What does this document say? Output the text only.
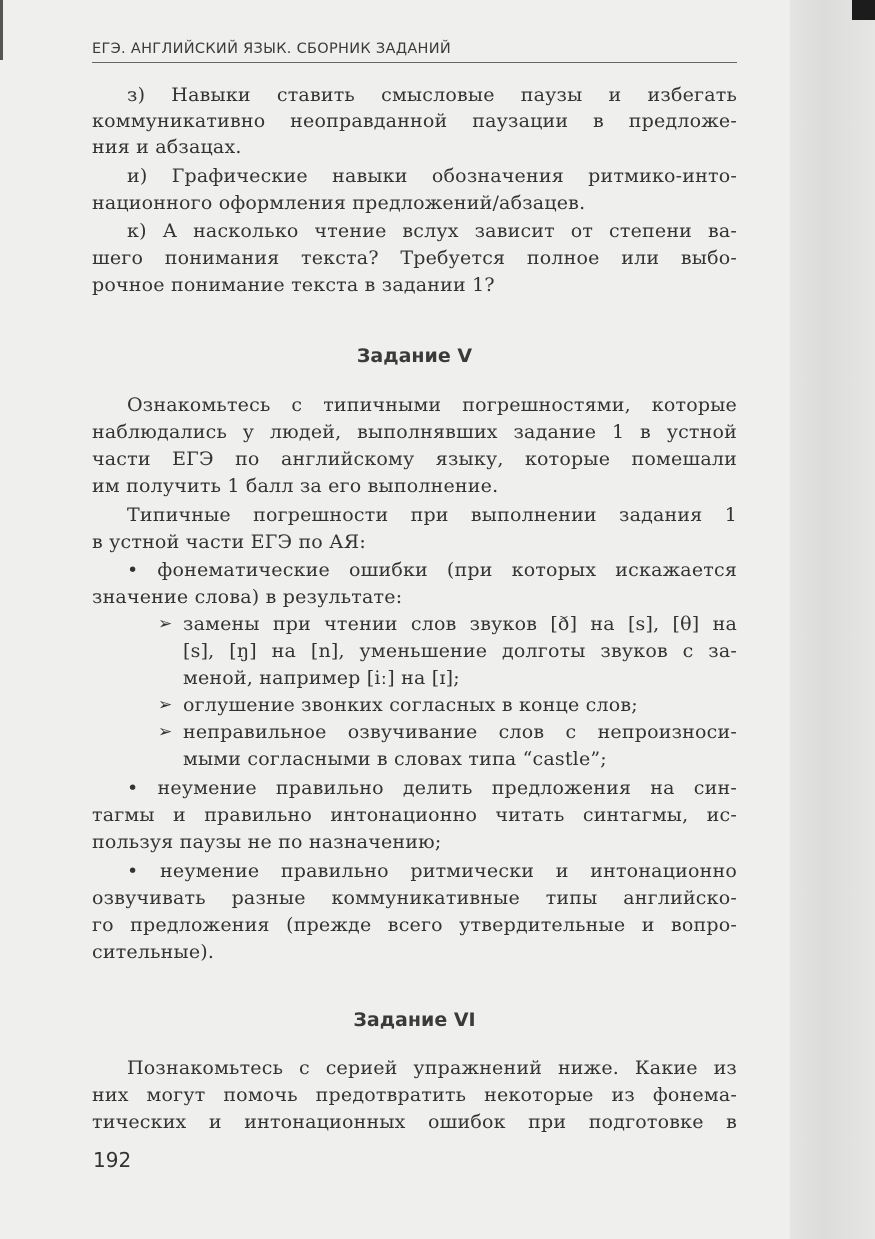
ЕГЭ. АНГЛИЙСКИЙ ЯЗЫК. СБОРНИК ЗАДАНИЙ
з) Навыки ставить смысловые паузы и избегать
коммуникативно неоправданной паузации в предложе-
ния и абзацах.
и) Графические навыки обозначения ритмико-инто-
национного оформления предложений/абзацев.
к) А насколько чтение вслух зависит от степени ва-
шего понимания текста? Требуется полное или выбо-
рочное понимание текста в задании 1?
Задание V
Ознакомьтесь с типичными погрешностями, которые
наблюдались у людей, выполнявших задание 1 в устной
части ЕГЭ по английскому языку, которые помешали
им получить 1 балл за его выполнение.
Типичные погрешности при выполнении задания 1
в устной части ЕГЭ по АЯ:
• фонематические ошибки (при которых искажается
значение слова) в результате:
➢ замены при чтении слов звуков [ð] на [s], [θ] на
[s], [ŋ] на [n], уменьшение долготы звуков с за-
меной, например [iː] на [ɪ];
➢ оглушение звонких согласных в конце слов;
➢ неправильное озвучивание слов с непроизноси-
мыми согласными в словах типа “castle”;
• неумение правильно делить предложения на син-
тагмы и правильно интонационно читать синтагмы, ис-
пользуя паузы не по назначению;
• неумение правильно ритмически и интонационно
озвучивать разные коммуникативные типы английско-
го предложения (прежде всего утвердительные и вопро-
сительные).
Задание VI
Познакомьтесь с серией упражнений ниже. Какие из
них могут помочь предотвратить некоторые из фонема-
тических и интонационных ошибок при подготовке в
192
